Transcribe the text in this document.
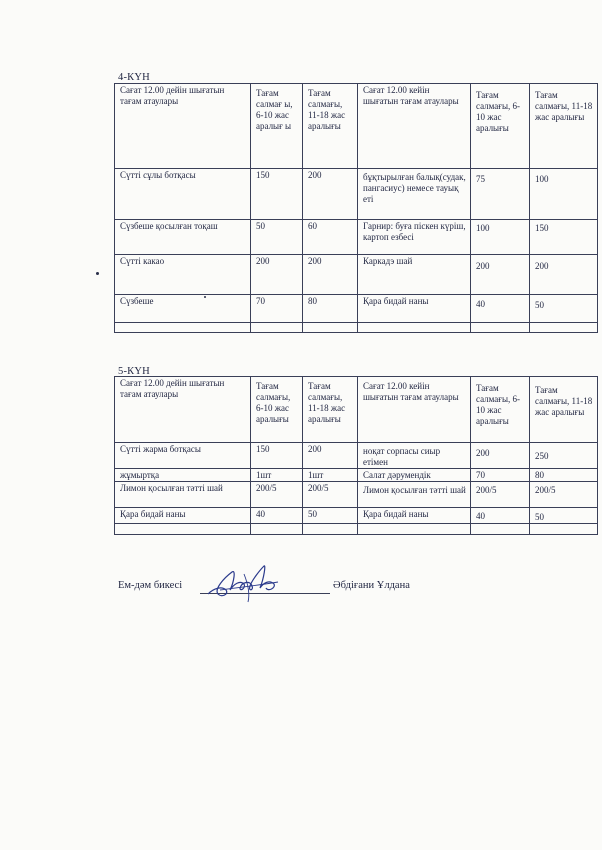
4-КҮН
Сағат 12.00 дейін шығатын тағам атаулары	Тағам салмағ ы, 6-10 жас аралығ ы	Тағам салмағы, 11-18 жас аралығы	Сағат 12.00 кейін шығатын тағам атаулары	Тағам салмағы, 6-10 жас аралығы	Тағам салмағы, 11-18 жас аралығы
Сүтті сұлы ботқасы	150	200	бұқтырылған балық(судак, пангасиус) немесе тауық еті	75	100
Сүзбеше қосылған тоқаш	50	60	Гарнир: буға піскен күріш, картоп езбесі	100	150
Сүтті какао	200	200	Каркадэ шай	200	200
Сүзбеше	70	80	Қара бидай наны	40	50

5-КҮН
Сағат 12.00 дейін шығатын тағам атаулары	Тағам салмағы, 6-10 жас аралығы	Тағам салмағы, 11-18 жас аралығы	Сағат 12.00 кейін шығатын тағам атаулары	Тағам салмағы, 6-10 жас аралығы	Тағам салмағы, 11-18 жас аралығы
Сүтті жарма ботқасы	150	200	ноқат сорпасы сиыр етімен	200	250
жұмыртқа	1шт	1шт	Салат дәрумендік	70	80
Лимон қосылған тәтті шай	200/5	200/5	Лимон қосылған тәтті шай	200/5	200/5
Қара бидай наны	40	50	Қара бидай наны	40	50

Ем-дәм бикесі	Әбдіғани Ұлдана
